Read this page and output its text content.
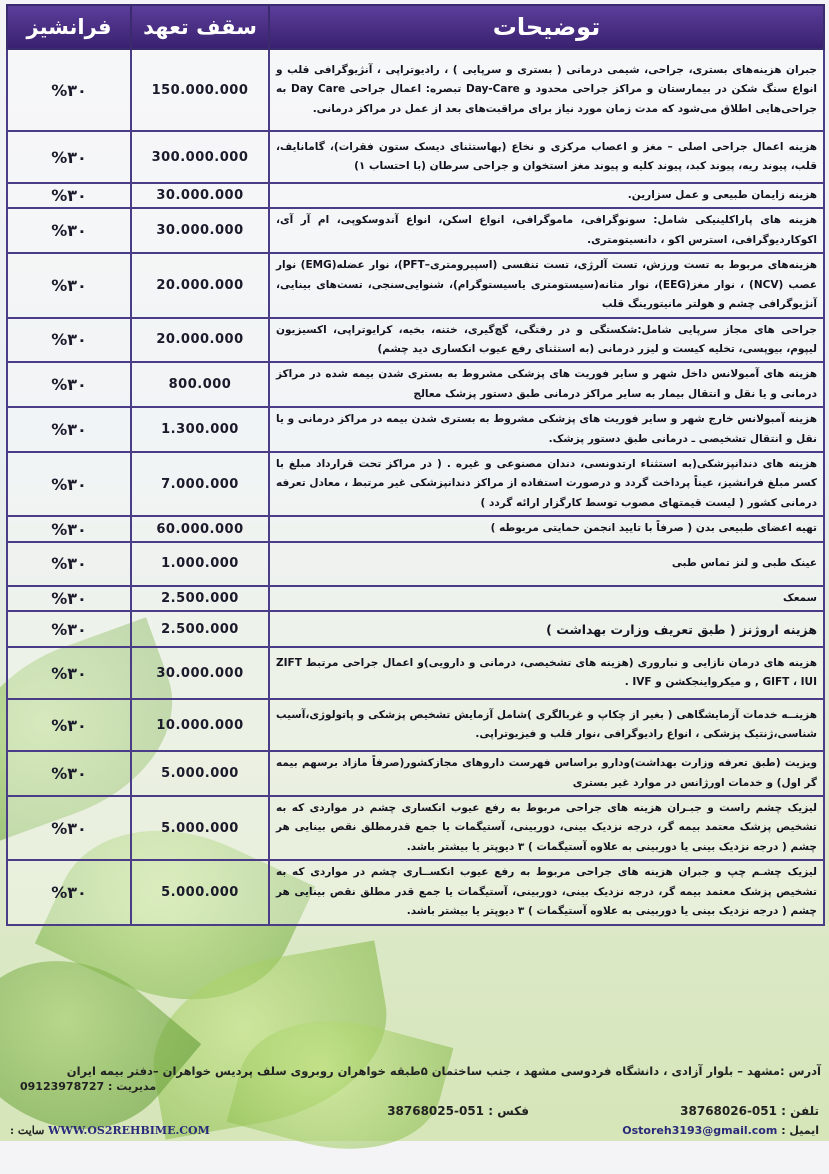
توضیحات	سقف تعهد	فرانشیز
جبران هزینه‌های بستری، جراحی، شیمی درمانی ( بستری و سرپایی ) ، رادیوتراپی ، آنژیوگرافی قلب و انواع سنگ شکن در بیمارستان و مراکز جراحی محدود و Day-Care تبصره: اعمال جراحی Day Care به جراحی‌هایی اطلاق می‌شود که مدت زمان مورد نیاز برای مراقبت‌های بعد از عمل در مراکز درمانی.	150.000.000	%۳۰
هزینه اعمال جراحی اصلی – مغز و اعصاب مرکزی و نخاع (بهاستثنای دیسک ستون فقرات)، گامانایف، قلب، پیوند ریه، پیوند کبد، پیوند کلیه و پیوند مغز استخوان و جراحی سرطان (با احتساب ۱)	300.000.000	%۳۰
هزینه زایمان طبیعی و عمل سزارین.	30.000.000	%۳۰
هزینه های پاراکلینیکی شامل: سونوگرافی، ماموگرافی، انواع اسکن، انواع آندوسکوپی، ام آر آی، اکوکاردیوگرافی، استرس اکو ، دانسیتومتری.	30.000.000	%۳۰
هزینه‌های مربوط به تست ورزش، تست آلرژی، تست تنفسی (اسپیرومتری–PFT)، نوار عضله(EMG) نوار عصب (NCV) ، نوار مغز(EEG)، نوار مثانه(سیستومتری یاسیستوگرام)، شنوایی‌سنجی، تست‌های بینایی، آنژیوگرافی چشم و هولتر مانیتورینگ قلب	20.000.000	%۳۰
جراحی های مجاز سرپایی شامل:شکستگی و در رفتگی، گچ‌گیری، ختنه، بخیه، کرایوتراپی، اکسیزیون لیپوم، بیوپسی، تخلیه کیست و لیزر درمانی (به استثنای رفع عیوب انکساری دید چشم)	20.000.000	%۳۰
هزینه های آمبولانس داخل شهر و سایر فوریت های پزشکی مشروط به بستری شدن بیمه شده در مراکز درمانی و یا نقل و انتقال بیمار به سایر مراکز درمانی طبق دستور پزشک معالج	800.000	%۳۰
هزینه آمبولانس خارج شهر و سایر فوریت های پزشکی مشروط به بستری شدن بیمه در مراکز درمانی و یا نقل و انتقال تشخیصی ـ درمانی طبق دستور پزشک.	1.300.000	%۳۰
هزینه های دندانپزشکی(به استثناء ارتدونسی، دندان مصنوعی و غیره . ( در مراکز تحت قرارداد مبلغ با کسر مبلغ فرانشیز، عیناً پرداخت گردد و درصورت استفاده از مراکز دندانپزشکی غیر مرتبط ، معادل تعرفه درمانی کشور ( لیست قیمتهای مصوب توسط کارگزار ارائه گردد )	7.000.000	%۳۰
تهیه اعضای طبیعی بدن ( صرفاً با تایید انجمن حمایتی مربوطه )	60.000.000	%۳۰
عینک طبی و لنز تماس طبی	1.000.000	%۳۰
سمعک	2.500.000	%۳۰
هزینه اروژنز ( طبق تعریف وزارت بهداشت )	2.500.000	%۳۰
هزینه های درمان نازایی و نباروری (هزینه های تشخیصی، درمانی و دارویی)و اعمال جراحی مرتبط ZIFT , GIFT ، IUI و میکرواینجکشن و IVF .	30.000.000	%۳۰
هزینــه خدمات آزمایشگاهی ( بغیر از چکاپ و غربالگری )شامل آزمایش تشخیص پزشکی و پاتولوژی،آسیب شناسی،ژنتیک پزشکی ، انواع رادیوگرافی ،نوار قلب و فیزیوتراپی.	10.000.000	%۳۰
ویزیت (طبق تعرفه وزارت بهداشت)ودارو براساس فهرست داروهای مجازکشور(صرفاً مازاد برسهم بیمه گر اول) و خدمات اورژانس در موارد غیر بستری	5.000.000	%۳۰
لیزیک چشم راست و جبـران هزینه های جراحی مربوط به رفع عیوب انکساری چشم در مواردی که به تشخیص پزشک معتمد بیمه گر، درجه نزدیک بینی، دوربینی، آستیگمات یا جمع قدرمطلق نقص بینایی هر چشم ( درجه نزدیک بینی یا دوربینی به علاوه آستیگمات ) ۳ دیوپتر یا بیشتر باشد.	5.000.000	%۳۰
لیزیک چشـم چپ و جبران هزینه های جراحی مربوط به رفع عیوب انکســاری چشم در مواردی که به تشخیص پزشک معتمد بیمه گر، درجه نزدیک بینی، دوربینی، آستیگمات یا جمع قدر مطلق نقص بینایی هر چشم ( درجه نزدیک بینی یا دوربینی به علاوه آستیگمات ) ۳ دیوپتر یا بیشتر باشد.	5.000.000	%۳۰
آدرس :مشهد – بلوار آزادی ، دانشگاه فردوسی مشهد ، جنب ساختمان ۵طبقه خواهران روبروی سلف پردیس خواهران –دفتر بیمه ایران
مدیریت : 09123978727
تلفن : 051-38768026
فکس : 051-38768025
ایمیل : Ostoreh3193@gmail.com
WWW.OS2REHBIME.COM سایت :
